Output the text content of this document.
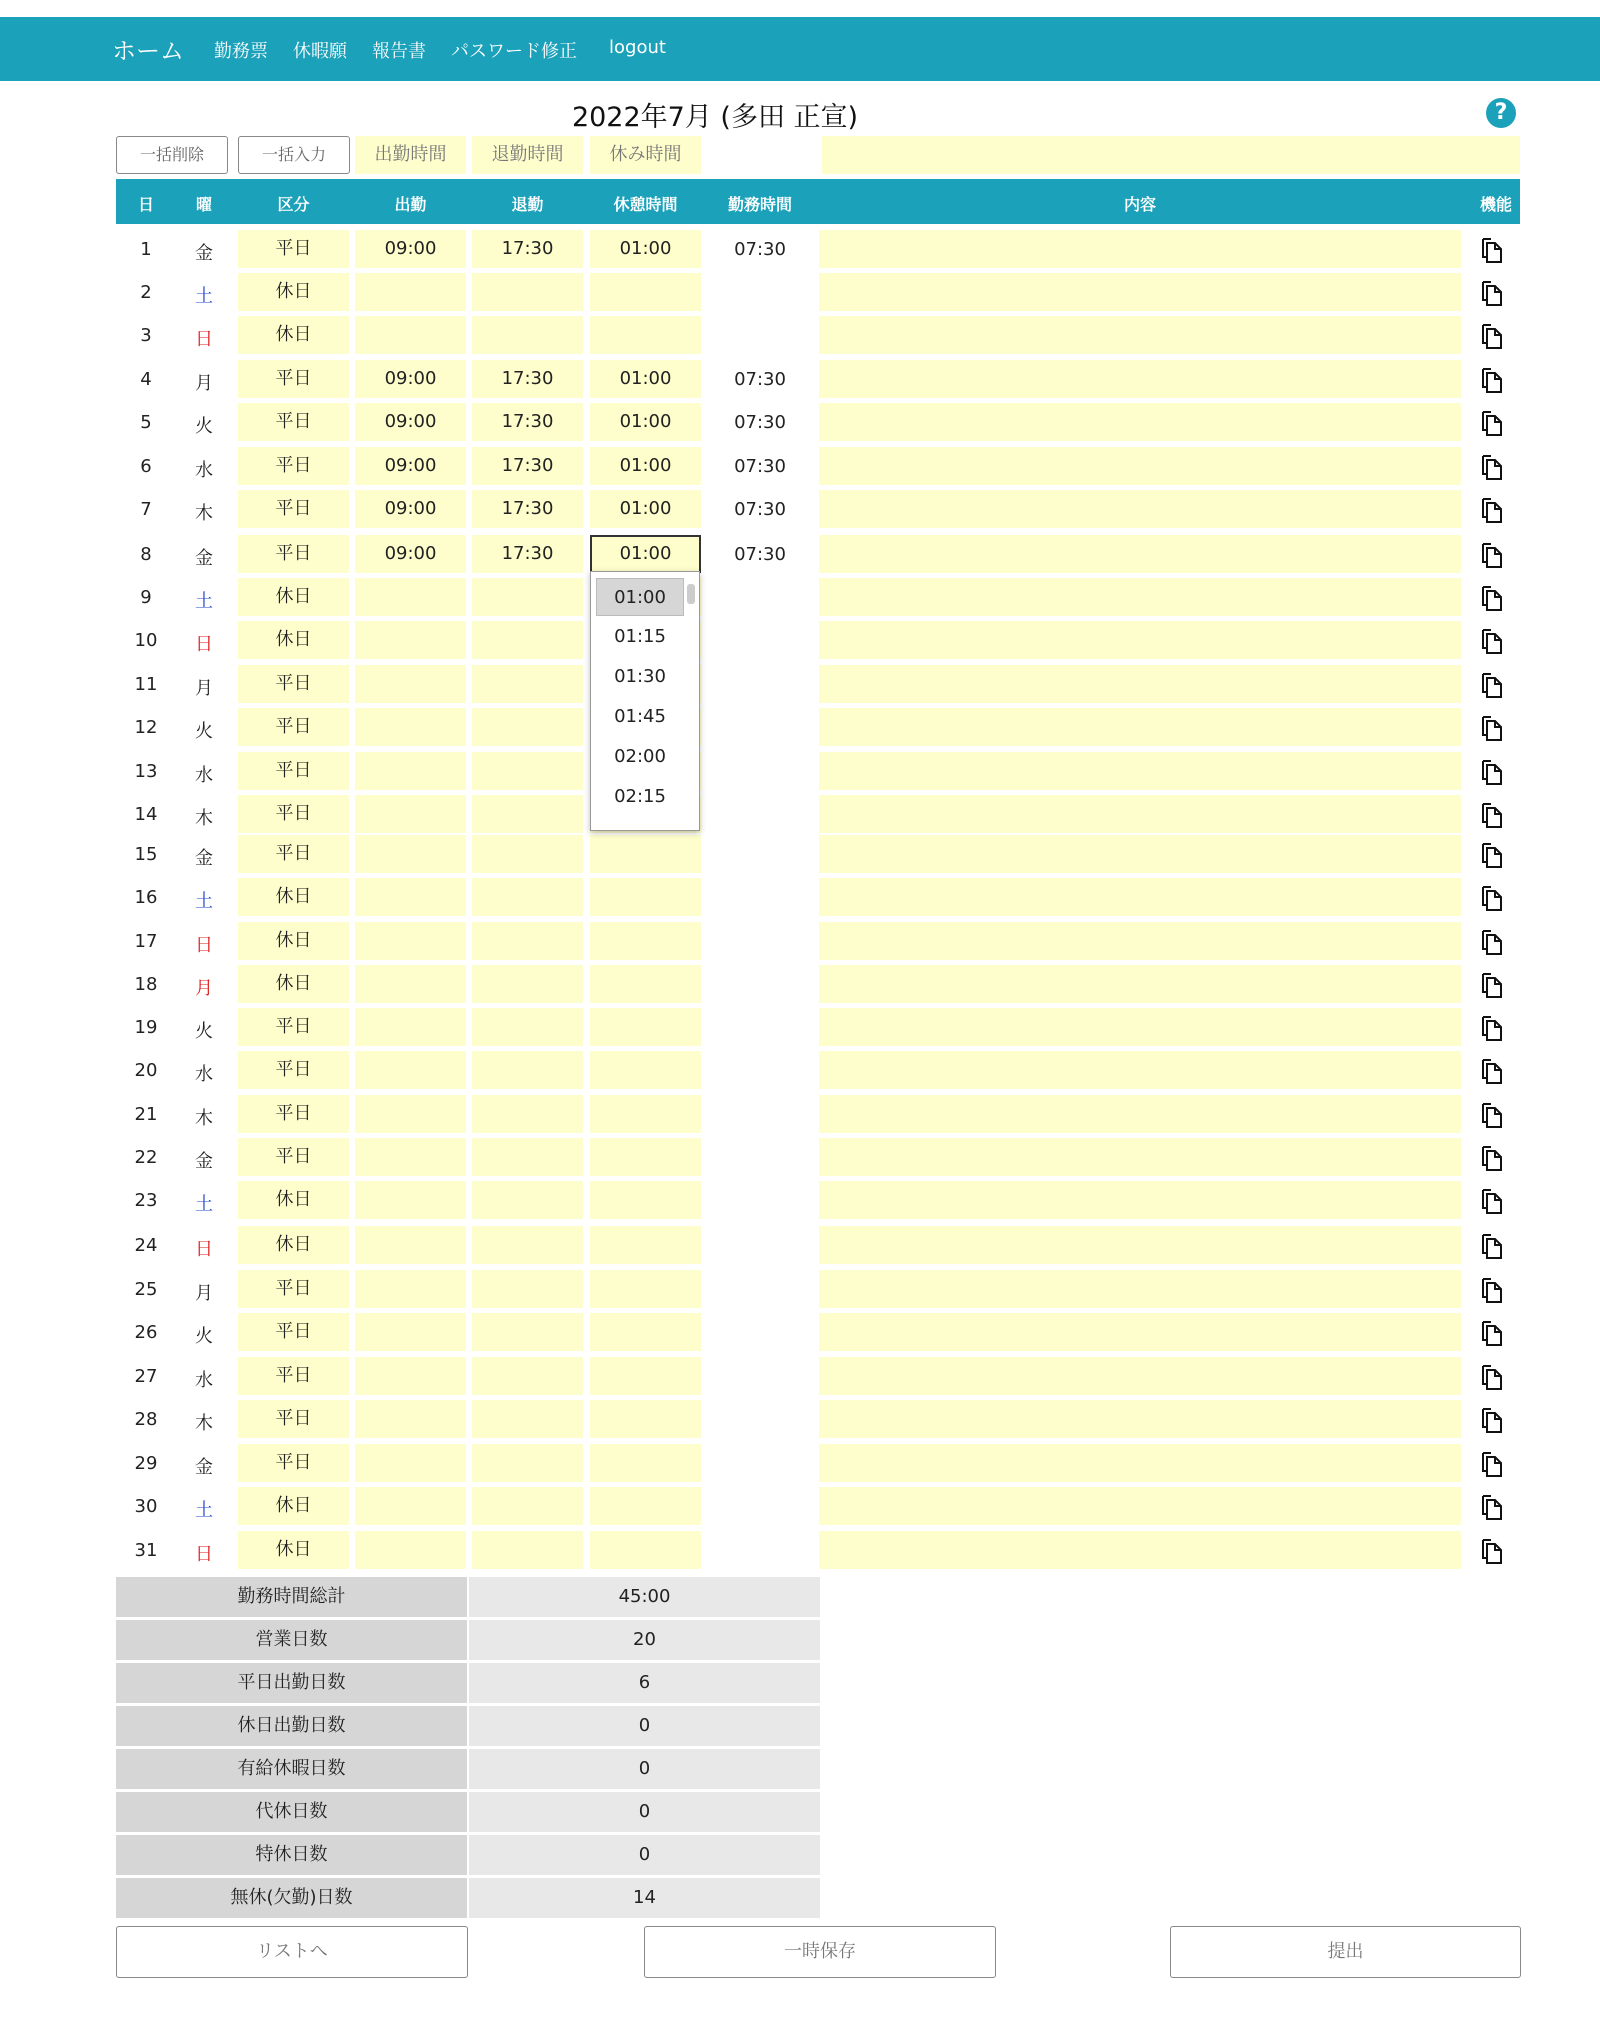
ホーム 勤務票 休暇願 報告書 パスワード修正 logout
2022年7月 (多田 正宣)	?
一括削除	一括入力	出勤時間	退勤時間	休み時間
日	曜	区分	出勤	退勤	休憩時間	勤務時間	内容	機能
1	金	平日	09:00	17:30	01:00	07:30
2	土	休日
3	日	休日
4	月	平日	09:00	17:30	01:00	07:30
5	火	平日	09:00	17:30	01:00	07:30
6	水	平日	09:00	17:30	01:00	07:30
7	木	平日	09:00	17:30	01:00	07:30
8	金	平日	09:00	17:30	01:00	07:30
9	土	休日
10	日	休日
11	月	平日
12	火	平日
13	水	平日
14	木	平日
15	金	平日
16	土	休日
17	日	休日
18	月	休日
19	火	平日
20	水	平日
21	木	平日
22	金	平日
23	土	休日
24	日	休日
25	月	平日
26	火	平日
27	水	平日
28	木	平日
29	金	平日
30	土	休日
31	日	休日
01:00
01:15
01:30
01:45
02:00
02:15
勤務時間総計	45:00
営業日数	20
平日出勤日数	6
休日出勤日数	0
有給休暇日数	0
代休日数	0
特休日数	0
無休(欠勤)日数	14
リストへ	一時保存	提出
